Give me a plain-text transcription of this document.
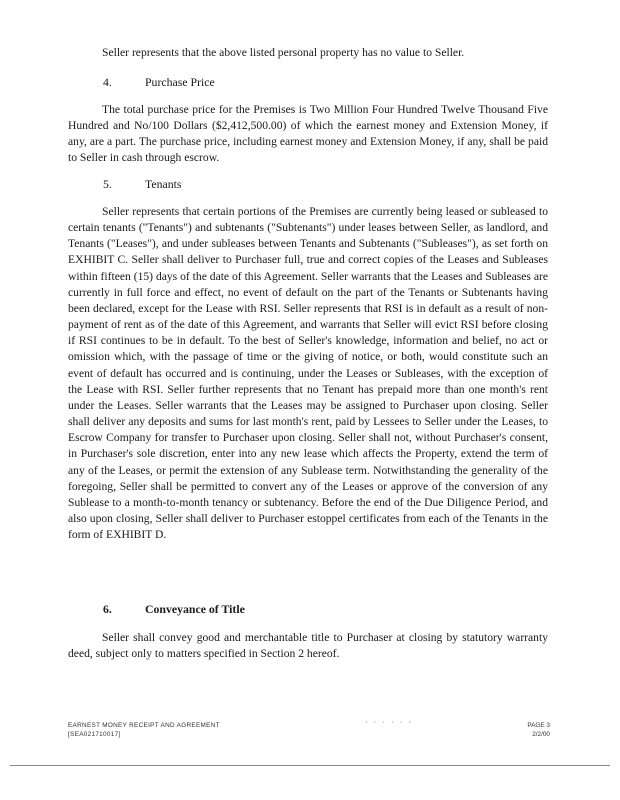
Seller represents that the above listed personal property has no value to Seller.

4.	Purchase Price

The total purchase price for the Premises is Two Million Four Hundred Twelve Thousand Five Hundred and No/100 Dollars ($2,412,500.00) of which the earnest money and Extension Money, if any, are a part. The purchase price, including earnest money and Extension Money, if any, shall be paid to Seller in cash through escrow.

5.	Tenants

Seller represents that certain portions of the Premises are currently being leased or subleased to certain tenants ("Tenants") and subtenants ("Subtenants") under leases between Seller, as landlord, and Tenants ("Leases"), and under subleases between Tenants and Subtenants ("Subleases"), as set forth on EXHIBIT C. Seller shall deliver to Purchaser full, true and correct copies of the Leases and Subleases within fifteen (15) days of the date of this Agreement. Seller warrants that the Leases and Subleases are currently in full force and effect, no event of default on the part of the Tenants or Subtenants having been declared, except for the Lease with RSI. Seller represents that RSI is in default as a result of non-payment of rent as of the date of this Agreement, and warrants that Seller will evict RSI before closing if RSI continues to be in default. To the best of Seller's knowledge, information and belief, no act or omission which, with the passage of time or the giving of notice, or both, would constitute such an event of default has occurred and is continuing, under the Leases or Subleases, with the exception of the Lease with RSI. Seller further represents that no Tenant has prepaid more than one month's rent under the Leases. Seller warrants that the Leases may be assigned to Purchaser upon closing. Seller shall deliver any deposits and sums for last month's rent, paid by Lessees to Seller under the Leases, to Escrow Company for transfer to Purchaser upon closing. Seller shall not, without Purchaser's consent, in Purchaser's sole discretion, enter into any new lease which affects the Property, extend the term of any of the Leases, or permit the extension of any Sublease term. Notwithstanding the generality of the foregoing, Seller shall be permitted to convert any of the Leases or approve of the conversion of any Sublease to a month-to-month tenancy or subtenancy. Before the end of the Due Diligence Period, and also upon closing, Seller shall deliver to Purchaser estoppel certificates from each of the Tenants in the form of EXHIBIT D.

6.	Conveyance of Title

Seller shall convey good and merchantable title to Purchaser at closing by statutory warranty deed, subject only to matters specified in Section 2 hereof.

EARNEST MONEY RECEIPT AND AGREEMENT
[SEA021710017]
· · · · · ·	PAGE 3
2/2/00
